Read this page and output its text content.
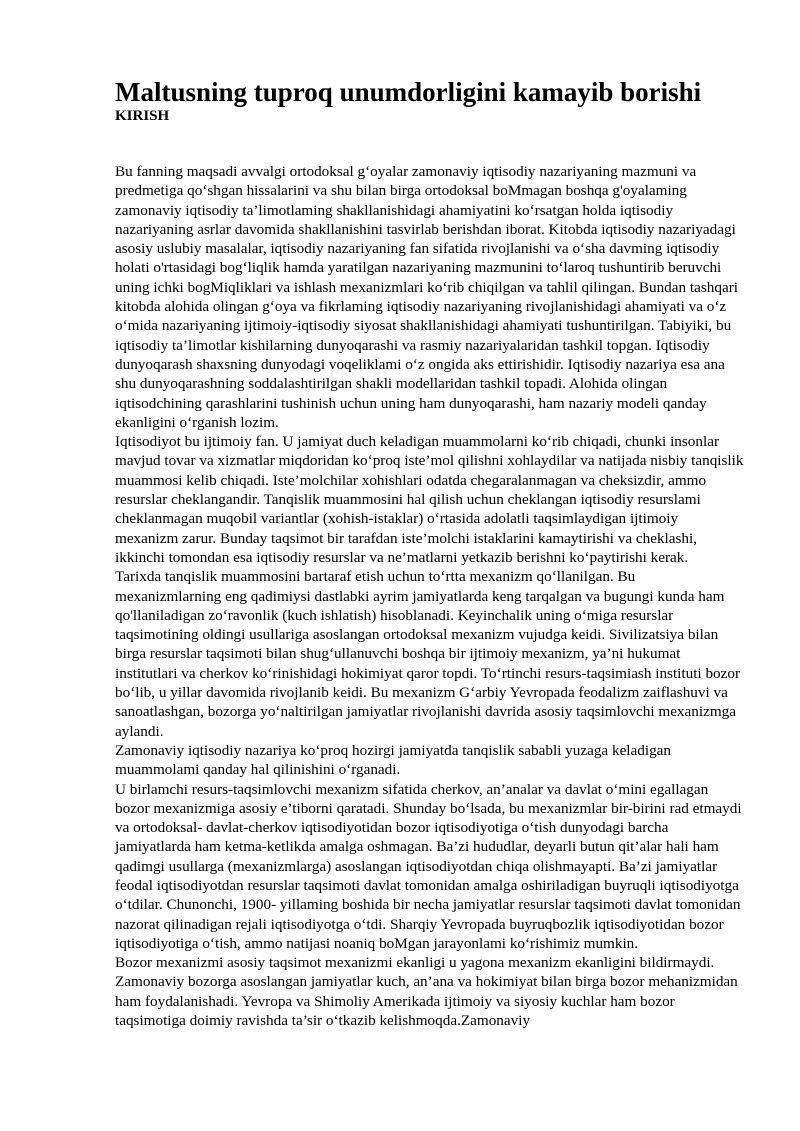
Maltusning tuproq unumdorligini kamayib borishi
KIRISH

Bu fanning maqsadi avvalgi ortodoksal g‘oyalar zamonaviy iqtisodiy nazariyaning mazmuni va predmetiga qo‘shgan hissalarini va shu bilan birga ortodoksal boMmagan boshqa g'oyalaming zamonaviy iqtisodiy ta’limotlaming shakllanishidagi ahamiyatini ko‘rsatgan holda iqtisodiy nazariyaning asrlar davomida shakllanishini tasvirlab berishdan iborat. Kitobda iqtisodiy nazariyadagi asosiy uslubiy masalalar, iqtisodiy nazariyaning fan sifatida rivojlanishi va o‘sha davming iqtisodiy holati o'rtasidagi bog‘liqlik hamda yaratilgan nazariyaning mazmunini to‘laroq tushuntirib beruvchi uning ichki bogMiqliklari va ishlash mexanizmlari ko‘rib chiqilgan va tahlil qilingan. Bundan tashqari kitobda alohida olingan g‘oya va fikrlaming iqtisodiy nazariyaning rivojlanishidagi ahamiyati va o‘z o‘mida nazariyaning ijtimoiy-iqtisodiy siyosat shakllanishidagi ahamiyati tushuntirilgan. Tabiyiki, bu iqtisodiy ta’limotlar kishilarning dunyoqarashi va rasmiy nazariyalaridan tashkil topgan. Iqtisodiy dunyoqarash shaxsning dunyodagi voqeliklami o‘z ongida aks ettirishidir. Iqtisodiy nazariya esa ana shu dunyoqarashning soddalashtirilgan shakli modellaridan tashkil topadi. Alohida olingan iqtisodchining qarashlarini tushinish uchun uning ham dunyoqarashi, ham nazariy modeli qanday ekanligini o‘rganish lozim.

Iqtisodiyot bu ijtimoiy fan. U jamiyat duch keladigan muammolarni ko‘rib chiqadi, chunki insonlar mavjud tovar va xizmatlar miqdoridan ko‘proq iste’mol qilishni xohlaydilar va natijada nisbiy tanqislik muammosi kelib chiqadi. Iste’molchilar xohishlari odatda chegaralanmagan va cheksizdir, ammo resurslar cheklangandir. Tanqislik muammosini hal qilish uchun cheklangan iqtisodiy resurslami cheklanmagan muqobil variantlar (xohish-istaklar) o‘rtasida adolatli taqsimlaydigan ijtimoiy mexanizm zarur. Bunday taqsimot bir tarafdan iste’molchi istaklarini kamaytirishi va cheklashi, ikkinchi tomondan esa iqtisodiy resurslar va ne’matlarni yetkazib berishni ko‘paytirishi kerak.

Tarixda tanqislik muammosini bartaraf etish uchun to‘rtta mexanizm qo‘llanilgan. Bu mexanizmlarning eng qadimiysi dastlabki ayrim jamiyatlarda keng tarqalgan va bugungi kunda ham qo'llaniladigan zo‘ravonlik (kuch ishlatish) hisoblanadi. Keyinchalik uning o‘miga resurslar taqsimotining oldingi usullariga asoslangan ortodoksal mexanizm vujudga keidi. Sivilizatsiya bilan birga resurslar taqsimoti bilan shug‘ullanuvchi boshqa bir ijtimoiy mexanizm, ya’ni hukumat institutlari va cherkov ko‘rinishidagi hokimiyat qaror topdi. To‘rtinchi resurs-taqsimiash instituti bozor bo‘lib, u yillar davomida rivojlanib keidi. Bu mexanizm G‘arbiy Yevropada feodalizm zaiflashuvi va sanoatlashgan, bozorga yo‘naltirilgan jamiyatlar rivojlanishi davrida asosiy taqsimlovchi mexanizmga aylandi.

Zamonaviy iqtisodiy nazariya ko‘proq hozirgi jamiyatda tanqislik sababli yuzaga keladigan muammolami qanday hal qilinishini o‘rganadi.

U birlamchi resurs-taqsimlovchi mexanizm sifatida cherkov, an’analar va davlat o‘mini egallagan bozor mexanizmiga asosiy e’tiborni qaratadi. Shunday bo‘lsada, bu mexanizmlar bir-birini rad etmaydi va ortodoksal- davlat-cherkov iqtisodiyotidan bozor iqtisodiyotiga o‘tish dunyodagi barcha jamiyatlarda ham ketma-ketlikda amalga oshmagan. Ba’zi hududlar, deyarli butun qit’alar hali ham qadimgi usullarga (mexanizmlarga) asoslangan iqtisodiyotdan chiqa olishmayapti. Ba’zi jamiyatlar feodal iqtisodiyotdan resurslar taqsimoti davlat tomonidan amalga oshiriladigan buyruqli iqtisodiyotga o‘tdilar. Chunonchi, 1900- yillaming boshida bir necha jamiyatlar resurslar taqsimoti davlat tomonidan nazorat qilinadigan rejali iqtisodiyotga o‘tdi. Sharqiy Yevropada buyruqbozlik iqtisodiyotidan bozor iqtisodiyotiga o‘tish, ammo natijasi noaniq boMgan jarayonlami ko‘rishimiz mumkin.

Bozor mexanizmi asosiy taqsimot mexanizmi ekanligi u yagona mexanizm ekanligini bildirmaydi. Zamonaviy bozorga asoslangan jamiyatlar kuch, an’ana va hokimiyat bilan birga bozor mehanizmidan ham foydalanishadi. Yevropa va Shimoliy Amerikada ijtimoiy va siyosiy kuchlar ham bozor taqsimotiga doimiy ravishda ta’sir o‘tkazib kelishmoqda.Zamonaviy
